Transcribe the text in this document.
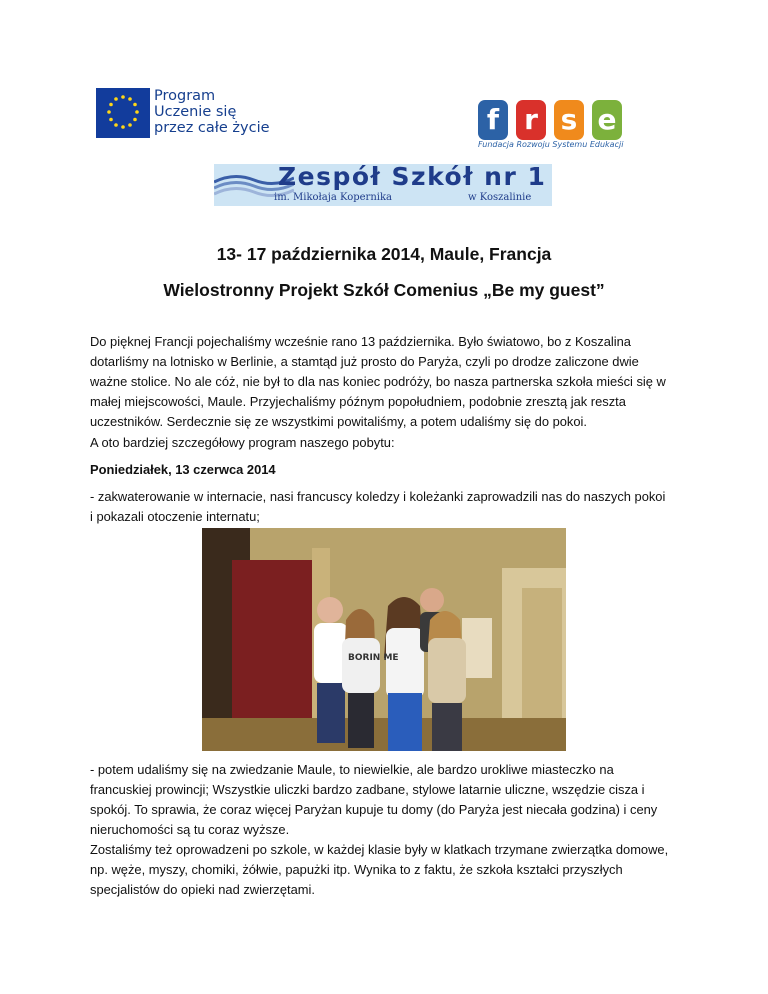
Program
Uczenie się
przez całe życie	f r s e
Fundacja Rozwoju Systemu Edukacji
Zespół Szkół nr 1
im. Mikołaja Kopernika	w Koszalinie
13- 17 października 2014, Maule, Francja
Wielostronny Projekt Szkół Comenius „Be my guest”
Do pięknej Francji pojechaliśmy wcześnie rano 13 października. Było światowo, bo z Koszalina
dotarliśmy na lotnisko w Berlinie, a stamtąd już prosto do Paryża, czyli po drodze zaliczone dwie
ważne stolice. No ale cóż, nie był to dla nas koniec podróży, bo nasza partnerska szkoła mieści się w
małej miejscowości, Maule. Przyjechaliśmy późnym popołudniem, podobnie zresztą jak reszta
uczestników. Serdecznie się ze wszystkimi powitaliśmy, a potem udaliśmy się do pokoi.
A oto bardziej szczegółowy program naszego pobytu:
Poniedziałek, 13 czerwca 2014
- zakwaterowanie w internacie, nasi francuscy koledzy i koleżanki zaprowadzili nas do naszych pokoi
i pokazali otoczenie internatu;
BORIN ME
- potem udaliśmy się na zwiedzanie Maule, to niewielkie, ale bardzo urokliwe miasteczko na
francuskiej prowincji; Wszystkie uliczki bardzo zadbane, stylowe latarnie uliczne, wszędzie cisza i
spokój. To sprawia, że coraz więcej Paryżan kupuje tu domy (do Paryża jest niecała godzina) i ceny
nieruchomości są tu coraz wyższe.
Zostaliśmy też oprowadzeni po szkole, w każdej klasie były w klatkach trzymane zwierzątka domowe,
np. węże, myszy, chomiki, żółwie, papużki itp. Wynika to z faktu, że szkoła kształci przyszłych
specjalistów do opieki nad zwierzętami.
